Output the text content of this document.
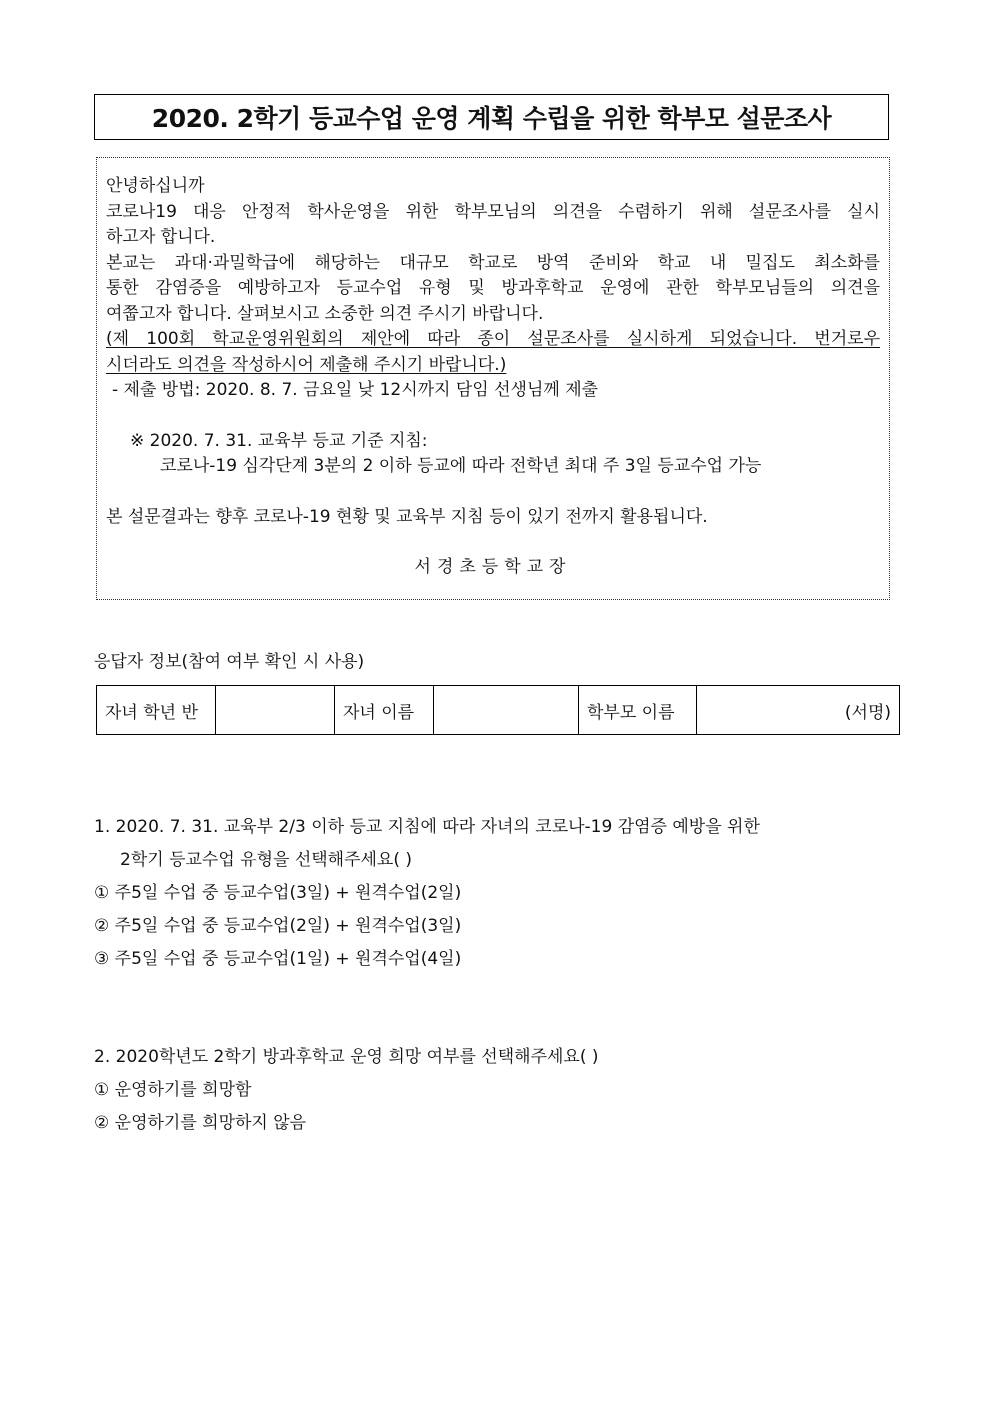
2020. 2학기 등교수업 운영 계획 수립을 위한 학부모 설문조사

안녕하십니까

코로나19 대응 안정적 학사운영을 위한 학부모님의 의견을 수렴하기 위해 설문조사를 실시

하고자 합니다.

본교는 과대·과밀학급에 해당하는 대규모 학교로 방역 준비와 학교 내 밀집도 최소화를

통한 감염증을 예방하고자 등교수업 유형 및 방과후학교 운영에 관한 학부모님들의 의견을

여쭙고자 합니다. 살펴보시고 소중한 의견 주시기 바랍니다.

(제 100회 학교운영위원회의 제안에 따라 종이 설문조사를 실시하게 되었습니다. 번거로우

시더라도 의견을 작성하시어 제출해 주시기 바랍니다.)

- 제출 방법: 2020. 8. 7. 금요일 낮 12시까지 담임 선생님께 제출

※ 2020. 7. 31. 교육부 등교 기준 지침:

코로나-19 심각단계 3분의 2 이하 등교에 따라 전학년 최대 주 3일 등교수업 가능

본 설문결과는 향후 코로나-19 현황 및 교육부 지침 등이 있기 전까지 활용됩니다.

서경초등학교장

응답자 정보(참여 여부 확인 시 사용)

자녀 학년 반		자녀 이름		학부모 이름	(서명)
1. 2020. 7. 31. 교육부 2/3 이하 등교 지침에 따라 자녀의 코로나-19 감염증 예방을 위한
2학기 등교수업 유형을 선택해주세요( )
① 주5일 수업 중 등교수업(3일) + 원격수업(2일)
② 주5일 수업 중 등교수업(2일) + 원격수업(3일)
③ 주5일 수업 중 등교수업(1일) + 원격수업(4일)
2. 2020학년도 2학기 방과후학교 운영 희망 여부를 선택해주세요( )
① 운영하기를 희망함
② 운영하기를 희망하지 않음
